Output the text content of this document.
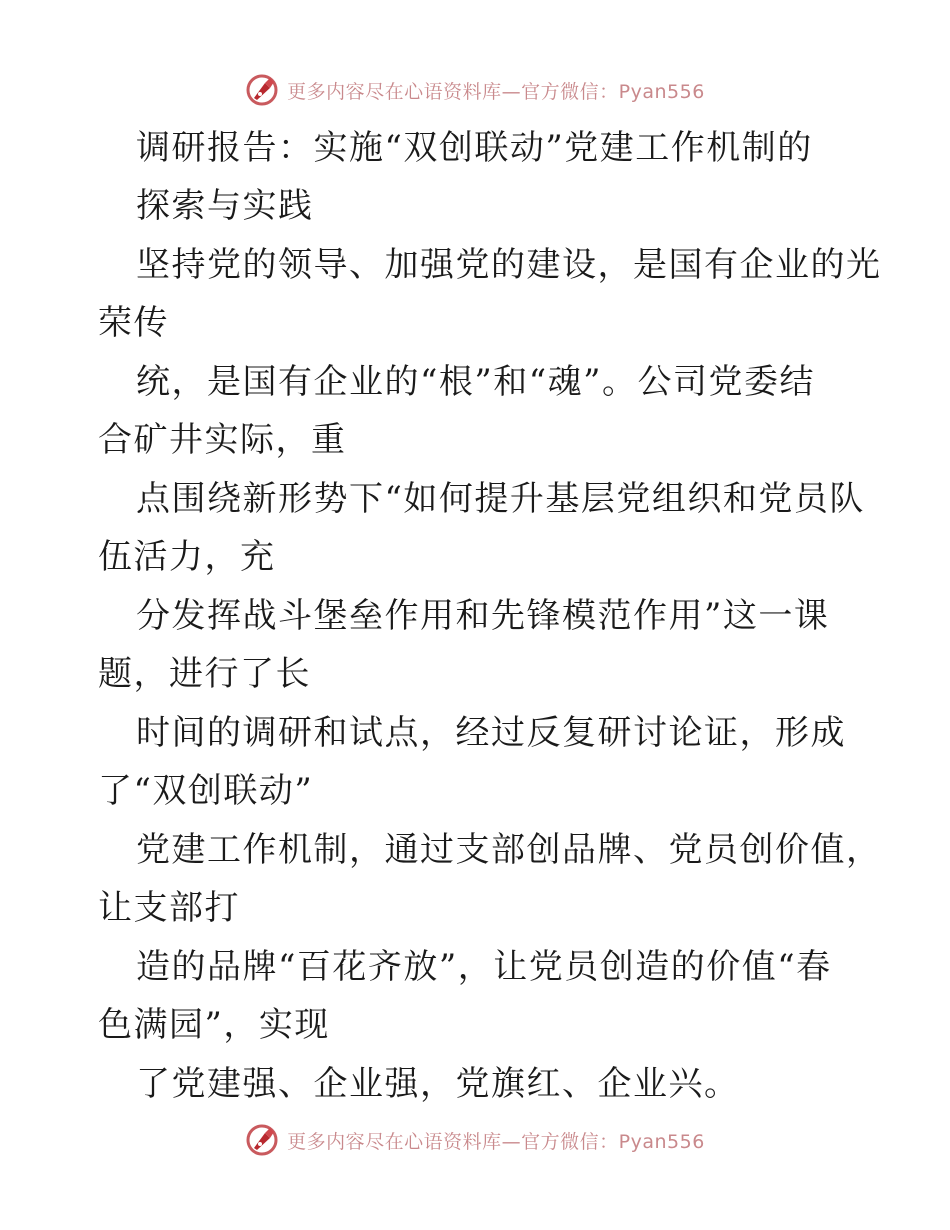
更多内容尽在心语资料库—官方微信：Pyan556
调研报告：实施“双创联动”党建工作机制的
探索与实践
坚持党的领导、加强党的建设，是国有企业的光
荣传
统，是国有企业的“根”和“魂”。公司党委结
合矿井实际，重
点围绕新形势下“如何提升基层党组织和党员队
伍活力，充
分发挥战斗堡垒作用和先锋模范作用”这一课
题，进行了长
时间的调研和试点，经过反复研讨论证，形成
了“双创联动”
党建工作机制，通过支部创品牌、党员创价值，
让支部打
造的品牌“百花齐放”，让党员创造的价值“春
色满园”，实现
了党建强、企业强，党旗红、企业兴。
更多内容尽在心语资料库—官方微信：Pyan556
